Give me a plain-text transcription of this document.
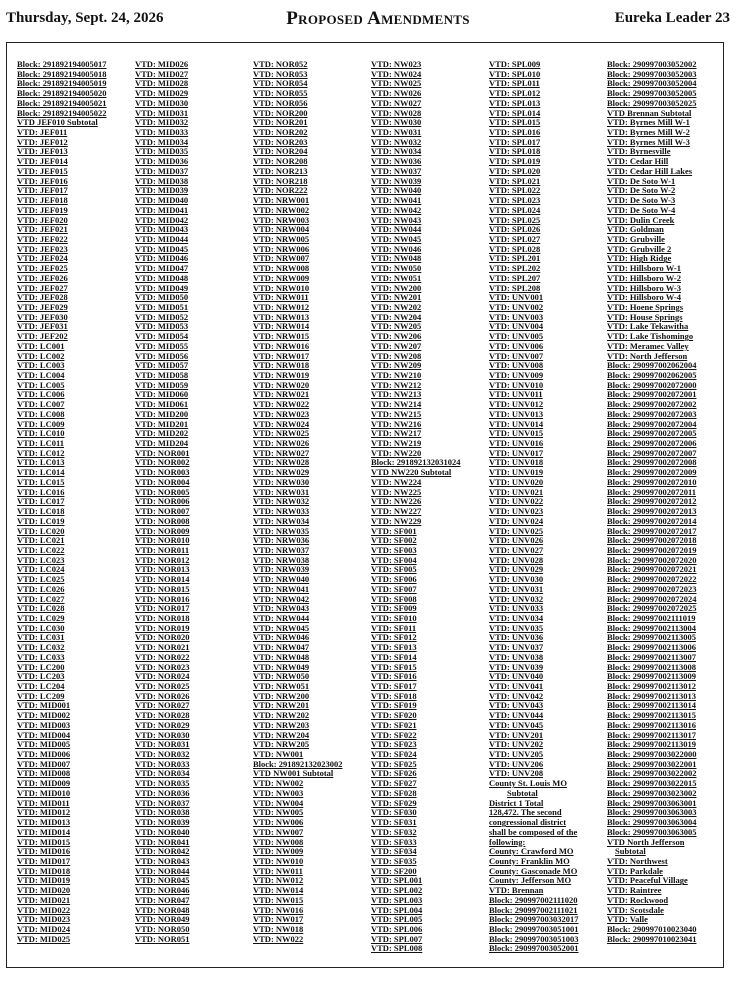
Thursday, Sept. 24, 2026	Proposed Amendments	Eureka Leader 23
Block: 291892194005017
Block: 291892194005018
Block: 291892194005019
Block: 291892194005020
Block: 291892194005021
Block: 291892194005022
VTD JEF010 Subtotal
VTD: JEF011
VTD: JEF012
VTD: JEF013
VTD: JEF014
VTD: JEF015
VTD: JEF016
VTD: JEF017
VTD: JEF018
VTD: JEF019
VTD: JEF020
VTD: JEF021
VTD: JEF022
VTD: JEF023
VTD: JEF024
VTD: JEF025
VTD: JEF026
VTD: JEF027
VTD: JEF028
VTD: JEF029
VTD: JEF030
VTD: JEF031
VTD: JEF202
VTD: LC001
VTD: LC002
VTD: LC003
VTD: LC004
VTD: LC005
VTD: LC006
VTD: LC007
VTD: LC008
VTD: LC009
VTD: LC010
VTD: LC011
VTD: LC012
VTD: LC013
VTD: LC014
VTD: LC015
VTD: LC016
VTD: LC017
VTD: LC018
VTD: LC019
VTD: LC020
VTD: LC021
VTD: LC022
VTD: LC023
VTD: LC024
VTD: LC025
VTD: LC026
VTD: LC027
VTD: LC028
VTD: LC029
VTD: LC030
VTD: LC031
VTD: LC032
VTD: LC033
VTD: LC200
VTD: LC203
VTD: LC204
VTD: LC209
VTD: MID001
VTD: MID002
VTD: MID003
VTD: MID004
VTD: MID005
VTD: MID006
VTD: MID007
VTD: MID008
VTD: MID009
VTD: MID010
VTD: MID011
VTD: MID012
VTD: MID013
VTD: MID014
VTD: MID015
VTD: MID016
VTD: MID017
VTD: MID018
VTD: MID019
VTD: MID020
VTD: MID021
VTD: MID022
VTD: MID023
VTD: MID024
VTD: MID025
VTD: MID026
VTD: MID027
VTD: MID028
VTD: MID029
VTD: MID030
VTD: MID031
VTD: MID032
VTD: MID033
VTD: MID034
VTD: MID035
VTD: MID036
VTD: MID037
VTD: MID038
VTD: MID039
VTD: MID040
VTD: MID041
VTD: MID042
VTD: MID043
VTD: MID044
VTD: MID045
VTD: MID046
VTD: MID047
VTD: MID048
VTD: MID049
VTD: MID050
VTD: MID051
VTD: MID052
VTD: MID053
VTD: MID054
VTD: MID055
VTD: MID056
VTD: MID057
VTD: MID058
VTD: MID059
VTD: MID060
VTD: MID061
VTD: MID200
VTD: MID201
VTD: MID202
VTD: MID204
VTD: NOR001
VTD: NOR002
VTD: NOR003
VTD: NOR004
VTD: NOR005
VTD: NOR006
VTD: NOR007
VTD: NOR008
VTD: NOR009
VTD: NOR010
VTD: NOR011
VTD: NOR012
VTD: NOR013
VTD: NOR014
VTD: NOR015
VTD: NOR016
VTD: NOR017
VTD: NOR018
VTD: NOR019
VTD: NOR020
VTD: NOR021
VTD: NOR022
VTD: NOR023
VTD: NOR024
VTD: NOR025
VTD: NOR026
VTD: NOR027
VTD: NOR028
VTD: NOR029
VTD: NOR030
VTD: NOR031
VTD: NOR032
VTD: NOR033
VTD: NOR034
VTD: NOR035
VTD: NOR036
VTD: NOR037
VTD: NOR038
VTD: NOR039
VTD: NOR040
VTD: NOR041
VTD: NOR042
VTD: NOR043
VTD: NOR044
VTD: NOR045
VTD: NOR046
VTD: NOR047
VTD: NOR048
VTD: NOR049
VTD: NOR050
VTD: NOR051
VTD: NOR052
VTD: NOR053
VTD: NOR054
VTD: NOR055
VTD: NOR056
VTD: NOR200
VTD: NOR201
VTD: NOR202
VTD: NOR203
VTD: NOR204
VTD: NOR208
VTD: NOR213
VTD: NOR218
VTD: NOR222
VTD: NRW001
VTD: NRW002
VTD: NRW003
VTD: NRW004
VTD: NRW005
VTD: NRW006
VTD: NRW007
VTD: NRW008
VTD: NRW009
VTD: NRW010
VTD: NRW011
VTD: NRW012
VTD: NRW013
VTD: NRW014
VTD: NRW015
VTD: NRW016
VTD: NRW017
VTD: NRW018
VTD: NRW019
VTD: NRW020
VTD: NRW021
VTD: NRW022
VTD: NRW023
VTD: NRW024
VTD: NRW025
VTD: NRW026
VTD: NRW027
VTD: NRW028
VTD: NRW029
VTD: NRW030
VTD: NRW031
VTD: NRW032
VTD: NRW033
VTD: NRW034
VTD: NRW035
VTD: NRW036
VTD: NRW037
VTD: NRW038
VTD: NRW039
VTD: NRW040
VTD: NRW041
VTD: NRW042
VTD: NRW043
VTD: NRW044
VTD: NRW045
VTD: NRW046
VTD: NRW047
VTD: NRW048
VTD: NRW049
VTD: NRW050
VTD: NRW051
VTD: NRW200
VTD: NRW201
VTD: NRW202
VTD: NRW203
VTD: NRW204
VTD: NRW205
VTD: NW001
Block: 291892132023002
VTD NW001 Subtotal
VTD: NW002
VTD: NW003
VTD: NW004
VTD: NW005
VTD: NW006
VTD: NW007
VTD: NW008
VTD: NW009
VTD: NW010
VTD: NW011
VTD: NW012
VTD: NW014
VTD: NW015
VTD: NW016
VTD: NW017
VTD: NW018
VTD: NW022
VTD: NW023
VTD: NW024
VTD: NW025
VTD: NW026
VTD: NW027
VTD: NW028
VTD: NW030
VTD: NW031
VTD: NW032
VTD: NW034
VTD: NW036
VTD: NW037
VTD: NW039
VTD: NW040
VTD: NW041
VTD: NW042
VTD: NW043
VTD: NW044
VTD: NW045
VTD: NW046
VTD: NW048
VTD: NW050
VTD: NW051
VTD: NW200
VTD: NW201
VTD: NW202
VTD: NW204
VTD: NW205
VTD: NW206
VTD: NW207
VTD: NW208
VTD: NW209
VTD: NW210
VTD: NW212
VTD: NW213
VTD: NW214
VTD: NW215
VTD: NW216
VTD: NW217
VTD: NW219
VTD: NW220
Block: 291892132031024
VTD NW220 Subtotal
VTD: NW224
VTD: NW225
VTD: NW226
VTD: NW227
VTD: NW229
VTD: SF001
VTD: SF002
VTD: SF003
VTD: SF004
VTD: SF005
VTD: SF006
VTD: SF007
VTD: SF008
VTD: SF009
VTD: SF010
VTD: SF011
VTD: SF012
VTD: SF013
VTD: SF014
VTD: SF015
VTD: SF016
VTD: SF017
VTD: SF018
VTD: SF019
VTD: SF020
VTD: SF021
VTD: SF022
VTD: SF023
VTD: SF024
VTD: SF025
VTD: SF026
VTD: SF027
VTD: SF028
VTD: SF029
VTD: SF030
VTD: SF031
VTD: SF032
VTD: SF033
VTD: SF034
VTD: SF035
VTD: SF200
VTD: SPL001
VTD: SPL002
VTD: SPL003
VTD: SPL004
VTD: SPL005
VTD: SPL006
VTD: SPL007
VTD: SPL008
VTD: SPL009
VTD: SPL010
VTD: SPL011
VTD: SPL012
VTD: SPL013
VTD: SPL014
VTD: SPL015
VTD: SPL016
VTD: SPL017
VTD: SPL018
VTD: SPL019
VTD: SPL020
VTD: SPL021
VTD: SPL022
VTD: SPL023
VTD: SPL024
VTD: SPL025
VTD: SPL026
VTD: SPL027
VTD: SPL028
VTD: SPL201
VTD: SPL202
VTD: SPL207
VTD: SPL208
VTD: UNV001
VTD: UNV002
VTD: UNV003
VTD: UNV004
VTD: UNV005
VTD: UNV006
VTD: UNV007
VTD: UNV008
VTD: UNV009
VTD: UNV010
VTD: UNV011
VTD: UNV012
VTD: UNV013
VTD: UNV014
VTD: UNV015
VTD: UNV016
VTD: UNV017
VTD: UNV018
VTD: UNV019
VTD: UNV020
VTD: UNV021
VTD: UNV022
VTD: UNV023
VTD: UNV024
VTD: UNV025
VTD: UNV026
VTD: UNV027
VTD: UNV028
VTD: UNV029
VTD: UNV030
VTD: UNV031
VTD: UNV032
VTD: UNV033
VTD: UNV034
VTD: UNV035
VTD: UNV036
VTD: UNV037
VTD: UNV038
VTD: UNV039
VTD: UNV040
VTD: UNV041
VTD: UNV042
VTD: UNV043
VTD: UNV044
VTD: UNV045
VTD: UNV201
VTD: UNV202
VTD: UNV205
VTD: UNV206
VTD: UNV208
County St. Louis MO
Subtotal
District 1 Total
128,472. The second
congressional district
shall be composed of the
following:
County: Crawford MO
County: Franklin MO
County: Gasconade MO
County: Jefferson MO
VTD: Brennan
Block: 290997002111020
Block: 290997002111021
Block: 290997003032017
Block: 290997003051001
Block: 290997003051003
Block: 290997003052001
Block: 290997003052002
Block: 290997003052003
Block: 290997003052004
Block: 290997003052005
Block: 290997003052025
VTD Brennan Subtotal
VTD: Byrnes Mill W-1
VTD: Byrnes Mill W-2
VTD: Byrnes Mill W-3
VTD: Byrnesville
VTD: Cedar Hill
VTD: Cedar Hill Lakes
VTD: De Soto W-1
VTD: De Soto W-2
VTD: De Soto W-3
VTD: De Soto W-4
VTD: Dulin Creek
VTD: Goldman
VTD: Grubville
VTD: Grubville 2
VTD: High Ridge
VTD: Hillsboro W-1
VTD: Hillsboro W-2
VTD: Hillsboro W-3
VTD: Hillsboro W-4
VTD: Hoene Springs
VTD: House Springs
VTD: Lake Tekawitha
VTD: Lake Tishomingo
VTD: Meramec Valley
VTD: North Jefferson
Block: 290997002062004
Block: 290997002062005
Block: 290997002072000
Block: 290997002072001
Block: 290997002072002
Block: 290997002072003
Block: 290997002072004
Block: 290997002072005
Block: 290997002072006
Block: 290997002072007
Block: 290997002072008
Block: 290997002072009
Block: 290997002072010
Block: 290997002072011
Block: 290997002072012
Block: 290997002072013
Block: 290997002072014
Block: 290997002072017
Block: 290997002072018
Block: 290997002072019
Block: 290997002072020
Block: 290997002072021
Block: 290997002072022
Block: 290997002072023
Block: 290997002072024
Block: 290997002072025
Block: 290997002111019
Block: 290997002113004
Block: 290997002113005
Block: 290997002113006
Block: 290997002113007
Block: 290997002113008
Block: 290997002113009
Block: 290997002113012
Block: 290997002113013
Block: 290997002113014
Block: 290997002113015
Block: 290997002113016
Block: 290997002113017
Block: 290997002113019
Block: 290997003022000
Block: 290997003022001
Block: 290997003022002
Block: 290997003022015
Block: 290997003023002
Block: 290997003063001
Block: 290997003063003
Block: 290997003063004
Block: 290997003063005
VTD North Jefferson
Subtotal
VTD: Northwest
VTD: Parkdale
VTD: Peaceful Village
VTD: Raintree
VTD: Rockwood
VTD: Scotsdale
VTD: Valle
Block: 290997010023040
Block: 290997010023041
